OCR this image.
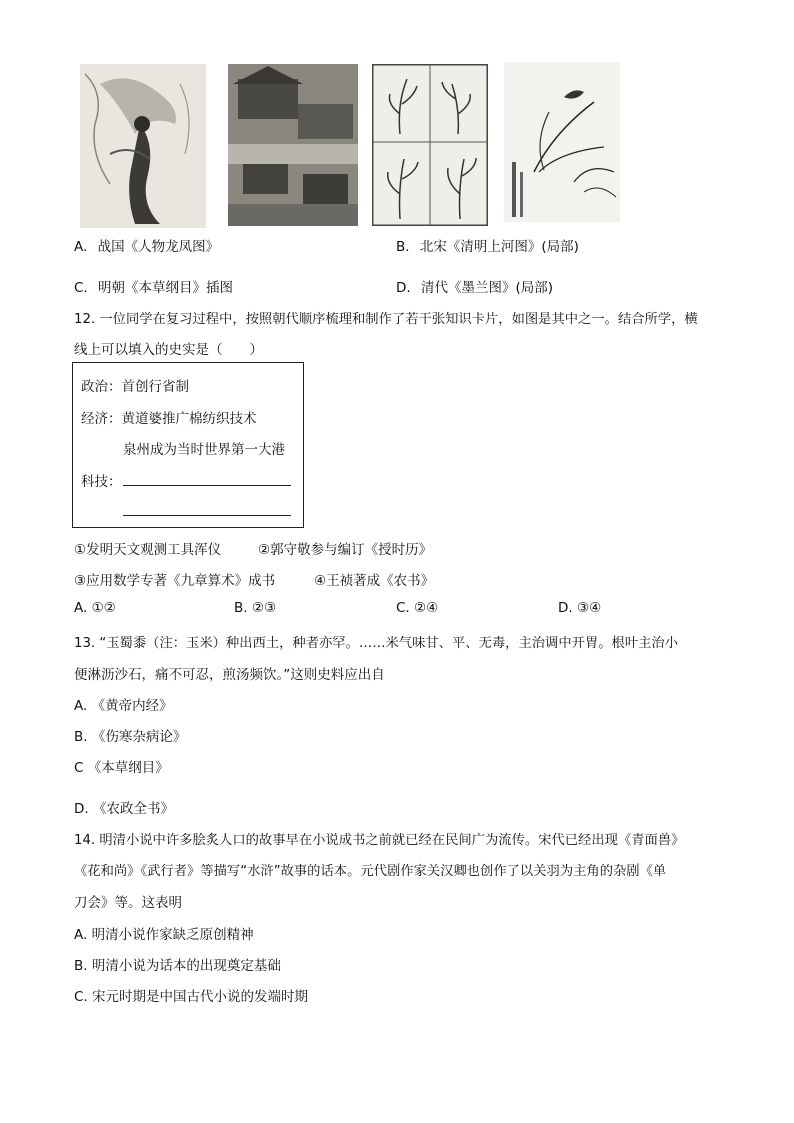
A. 战国《人物龙凤图》	B. 北宋《清明上河图》(局部)
C. 明朝《本草纲目》插图	D. 清代《墨兰图》(局部)
12. 一位同学在复习过程中，按照朝代顺序梳理和制作了若干张知识卡片，如图是其中之一。结合所学，横
线上可以填入的史实是（　　）
政治：首创行省制
经济：黄道婆推广棉纺织技术
泉州成为当时世界第一大港
科技：
①发明天文观测工具浑仪	②郭守敬参与编订《授时历》
③应用数学专著《九章算术》成书	④王祯著成《农书》
A. ①②	B. ②③	C. ②④	D. ③④
13. “玉蜀黍（注：玉米）种出西土，种者亦罕。……米气味甘、平、无毒，主治调中开胃。根叶主治小
便淋沥沙石，痛不可忍，煎汤频饮。”这则史料应出自
A. 《黄帝内经》
B. 《伤寒杂病论》
C 《本草纲目》
D. 《农政全书》
14. 明清小说中许多脍炙人口的故事早在小说成书之前就已经在民间广为流传。宋代已经出现《青面兽》
《花和尚》《武行者》等描写“水浒”故事的话本。元代剧作家关汉卿也创作了以关羽为主角的杂剧《单
刀会》等。这表明
A. 明清小说作家缺乏原创精神
B. 明清小说为话本的出现奠定基础
C. 宋元时期是中国古代小说的发端时期
